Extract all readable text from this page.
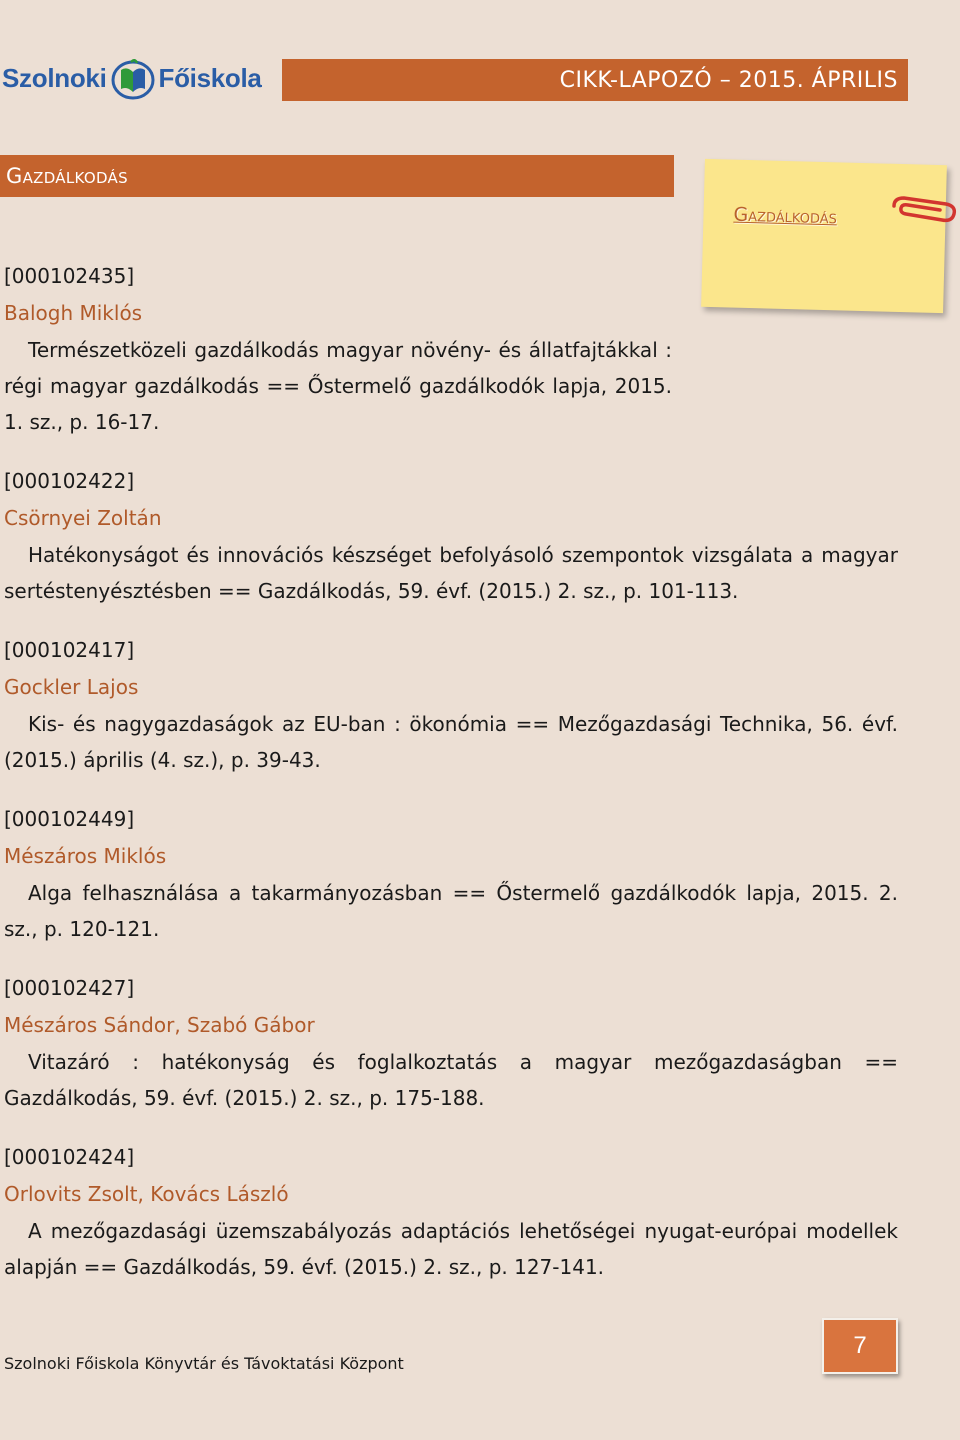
Szolnoki Főiskola	CIKK-LAPOZÓ – 2015. ÁPRILIS
Gazdálkodás
Gazdálkodás
[000102435]
Balogh Miklós
Természetközeli gazdálkodás magyar növény- és állatfajtákkal : régi magyar gazdálkodás == Őstermelő gazdálkodók lapja, 2015. 1. sz., p. 16-17.
[000102422]
Csörnyei Zoltán
Hatékonyságot és innovációs készséget befolyásoló szempontok vizsgálata a magyar sertéstenyésztésben == Gazdálkodás, 59. évf. (2015.) 2. sz., p. 101-113.
[000102417]
Gockler Lajos
Kis- és nagygazdaságok az EU-ban : ökonómia == Mezőgazdasági Technika, 56. évf. (2015.) április (4. sz.), p. 39-43.
[000102449]
Mészáros Miklós
Alga felhasználása a takarmányozásban == Őstermelő gazdálkodók lapja, 2015. 2. sz., p. 120-121.
[000102427]
Mészáros Sándor, Szabó Gábor
Vitazáró : hatékonyság és foglalkoztatás a magyar mezőgazdaságban == Gazdálkodás, 59. évf. (2015.) 2. sz., p. 175-188.
[000102424]
Orlovits Zsolt, Kovács László
A mezőgazdasági üzemszabályozás adaptációs lehetőségei nyugat-európai modellek alapján == Gazdálkodás, 59. évf. (2015.) 2. sz., p. 127-141.
Szolnoki Főiskola Könyvtár és Távoktatási Központ
7
